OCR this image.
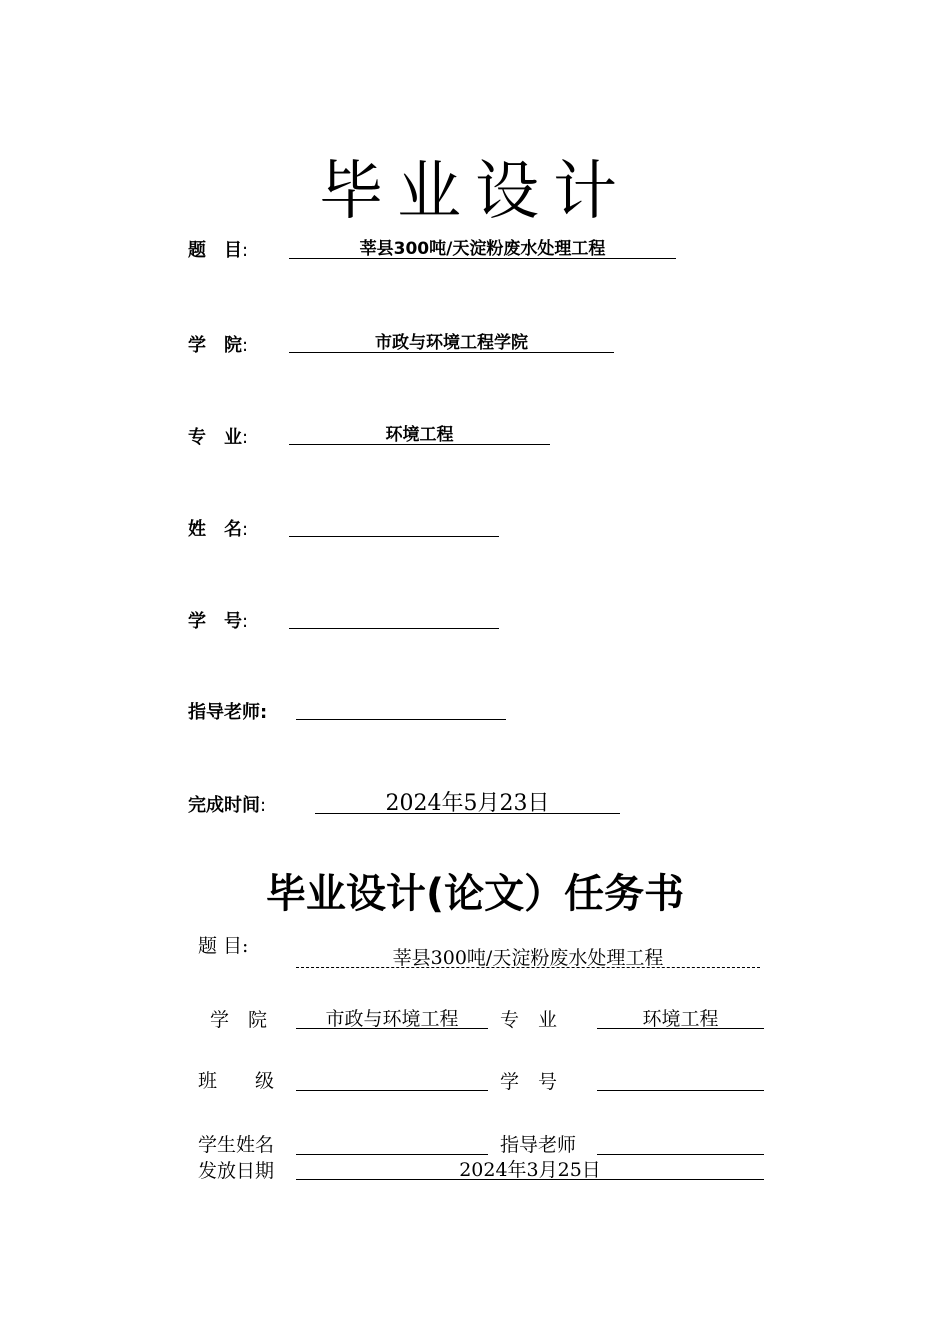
毕业设计
题　目:	莘县300吨/天淀粉废水处理工程
学　院:	市政与环境工程学院
专　业:	环境工程
姓　名:
学　号:
指导老师:
完成时间:	2024年5月23日
毕业设计(论文）任务书
题 目:
莘县300吨/天淀粉废水处理工程
学　院	市政与环境工程	专　业	环境工程
班　　级	学　号
学生姓名	指导老师
发放日期	2024年3月25日
